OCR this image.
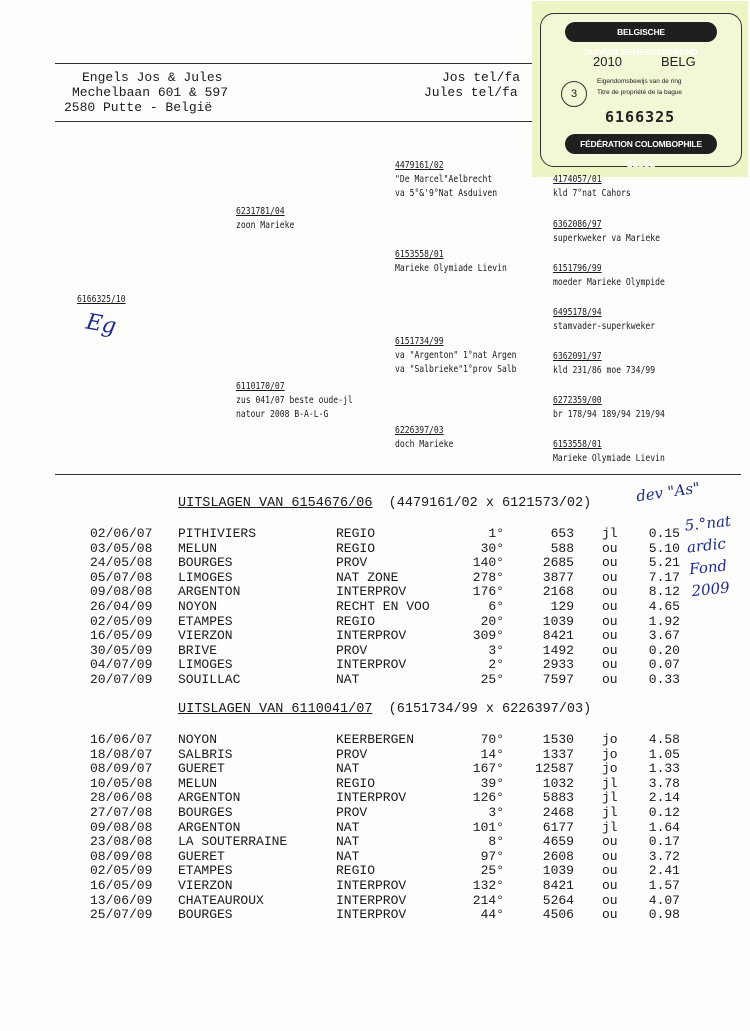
Engels Jos & Jules
Mechelbaan 601 & 597
2580 Putte - België
Jos tel/fa
Jules tel/fa
BELGISCHE DUIVENLIEFHEBBERSBOND
2010	BELG
3
Eigendomsbewijs van de ring
Titre de propriété de la bague
6166325
FÉDÉRATION COLOMBOPHILE BELGE
6166325/10
Eg
6231781/04
zoon Marieke
6110170/07
zus 041/07 beste oude-jl
natour 2008 B-A-L-G
4479161/02
"De Marcel"Aelbrecht
va 5°&'9°Nat Asduiven
6153558/01
Marieke Olymiade Lievin
6151734/99
va "Argenton" 1°nat Argen
va "Salbrieke"1°prov Salb
6226397/03
doch Marieke
4174057/01
kld 7°nat Cahors
6362086/97
superkweker va Marieke
6151796/99
moeder Marieke Olympide
6495178/94
stamvader-superkweker
6362091/97
kld 231/86 moe 734/99
6272359/00
br 178/94 189/94 219/94
6153558/01
Marieke Olymiade Lievin
dev "As"
5.°nat
ardic
Fond
2009
UITSLAGEN VAN 6154676/06 (4479161/02 x 6121573/02)
02/06/07 PITHIVIERS	REGIO	1°	653 jl	0.15
03/05/08 MELUN	REGIO	30°	588 ou	5.10
24/05/08 BOURGES	PROV	140°	2685 ou	5.21
05/07/08 LIMOGES	NAT ZONE	278°	3877 ou	7.17
09/08/08 ARGENTON	INTERPROV	176°	2168 ou	8.12
26/04/09 NOYON	RECHT EN VOO	6°	129 ou	4.65
02/05/09 ETAMPES	REGIO	20°	1039 ou	1.92
16/05/09 VIERZON	INTERPROV	309°	8421 ou	3.67
30/05/09 BRIVE	PROV	3°	1492 ou	0.20
04/07/09 LIMOGES	INTERPROV	2°	2933 ou	0.07
20/07/09 SOUILLAC	NAT	25°	7597 ou	0.33
UITSLAGEN VAN 6110041/07 (6151734/99 x 6226397/03)
16/06/07 NOYON	KEERBERGEN	70°	1530 jo	4.58
18/08/07 SALBRIS	PROV	14°	1337 jo	1.05
08/09/07 GUERET	NAT	167°	12587 jo	1.33
10/05/08 MELUN	REGIO	39°	1032 jl	3.78
28/06/08 ARGENTON	INTERPROV	126°	5883 jl	2.14
27/07/08 BOURGES	PROV	3°	2468 jl	0.12
09/08/08 ARGENTON	NAT	101°	6177 jl	1.64
23/08/08 LA SOUTERRAINE	NAT	8°	4659 ou	0.17
08/09/08 GUERET	NAT	97°	2608 ou	3.72
02/05/09 ETAMPES	REGIO	25°	1039 ou	2.41
16/05/09 VIERZON	INTERPROV	132°	8421 ou	1.57
13/06/09 CHATEAUROUX	INTERPROV	214°	5264 ou	4.07
25/07/09 BOURGES	INTERPROV	44°	4506 ou	0.98
